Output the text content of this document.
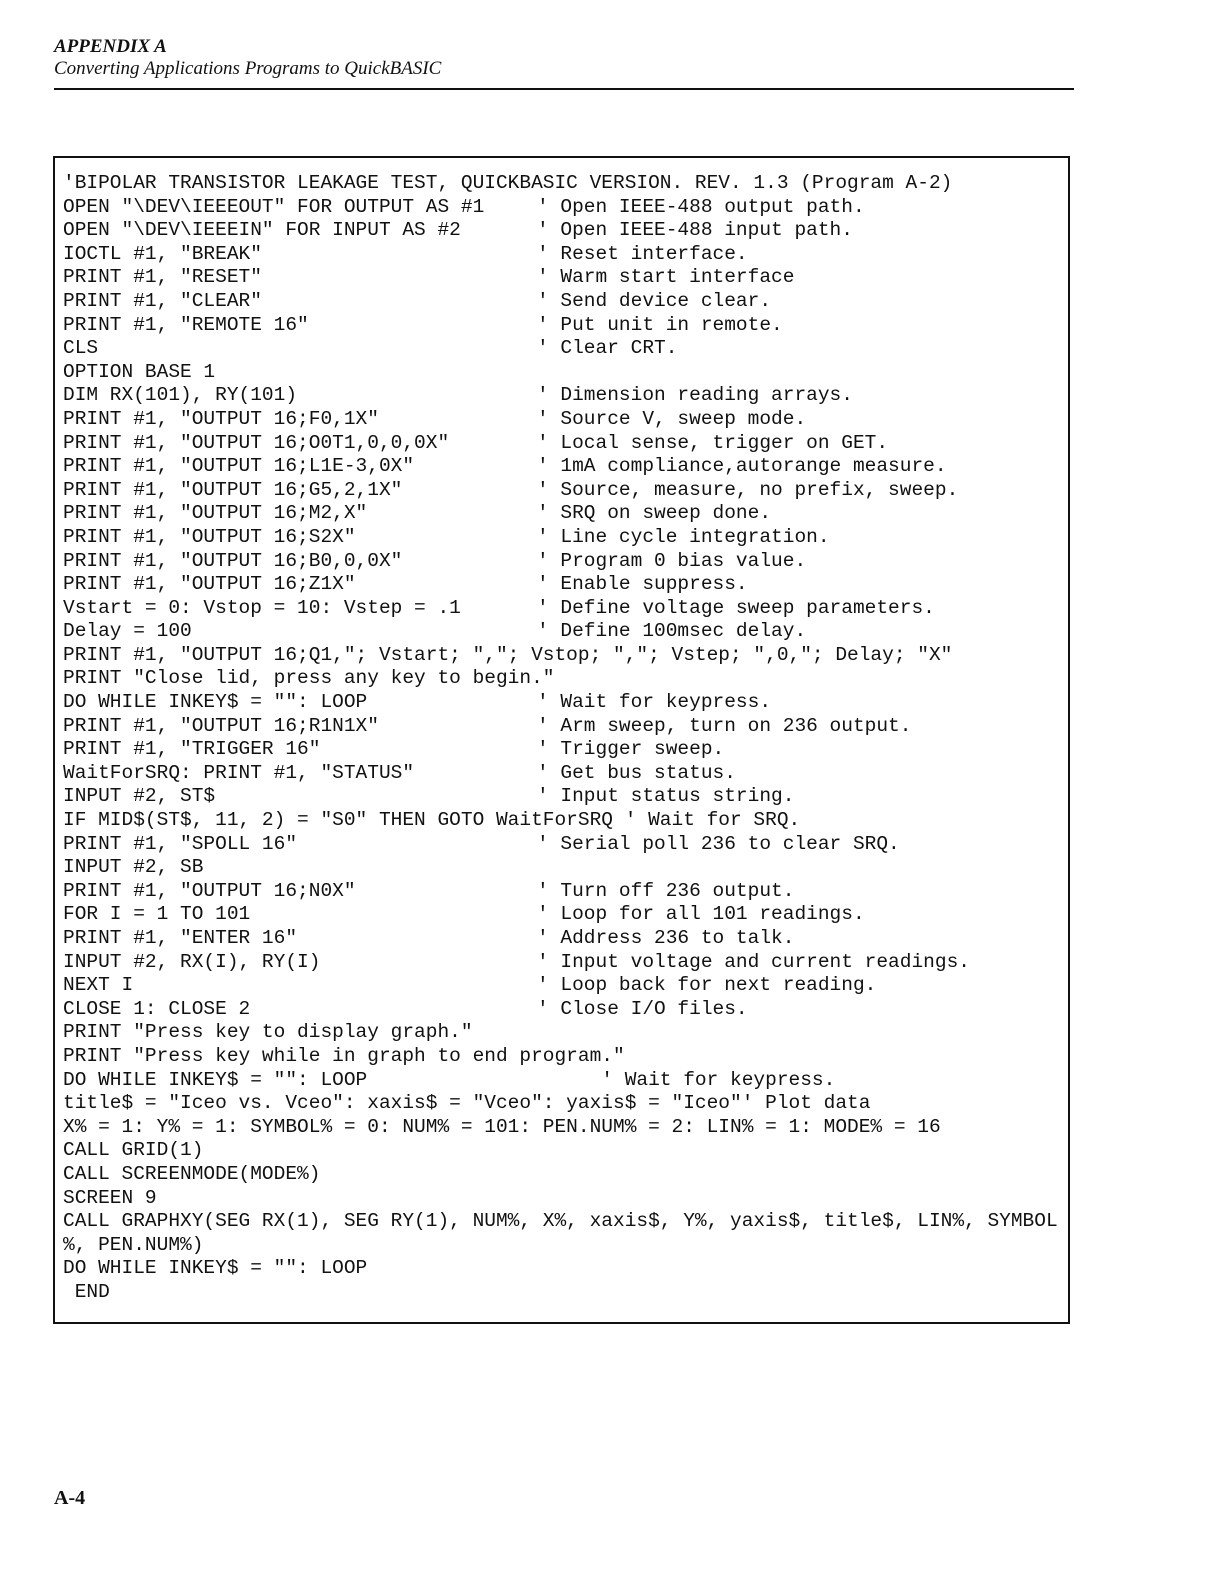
APPENDIX A
Converting Applications Programs to QuickBASIC
'BIPOLAR TRANSISTOR LEAKAGE TEST, QUICKBASIC VERSION. REV. 1.3 (Program A-2)
OPEN "\DEV\IEEEOUT" FOR OUTPUT AS #1	' Open IEEE-488 output path.
OPEN "\DEV\IEEEIN" FOR INPUT AS #2	' Open IEEE-488 input path.
IOCTL #1, "BREAK"	' Reset interface.
PRINT #1, "RESET"	' Warm start interface
PRINT #1, "CLEAR"	' Send device clear.
PRINT #1, "REMOTE 16"	' Put unit in remote.
CLS	' Clear CRT.
OPTION BASE 1
DIM RX(101), RY(101)	' Dimension reading arrays.
PRINT #1, "OUTPUT 16;F0,1X"	' Source V, sweep mode.
PRINT #1, "OUTPUT 16;O0T1,0,0,0X"	' Local sense, trigger on GET.
PRINT #1, "OUTPUT 16;L1E-3,0X"	' 1mA compliance,autorange measure.
PRINT #1, "OUTPUT 16;G5,2,1X"	' Source, measure, no prefix, sweep.
PRINT #1, "OUTPUT 16;M2,X"	' SRQ on sweep done.
PRINT #1, "OUTPUT 16;S2X"	' Line cycle integration.
PRINT #1, "OUTPUT 16;B0,0,0X"	' Program 0 bias value.
PRINT #1, "OUTPUT 16;Z1X"	' Enable suppress.
Vstart = 0: Vstop = 10: Vstep = .1	' Define voltage sweep parameters.
Delay = 100	' Define 100msec delay.
PRINT #1, "OUTPUT 16;Q1,"; Vstart; ","; Vstop; ","; Vstep; ",0,"; Delay; "X"
PRINT "Close lid, press any key to begin."
DO WHILE INKEY$ = "": LOOP	' Wait for keypress.
PRINT #1, "OUTPUT 16;R1N1X"	' Arm sweep, turn on 236 output.
PRINT #1, "TRIGGER 16"	' Trigger sweep.
WaitForSRQ: PRINT #1, "STATUS"	' Get bus status.
INPUT #2, ST$	' Input status string.
IF MID$(ST$, 11, 2) = "S0" THEN GOTO WaitForSRQ ' Wait for SRQ.
PRINT #1, "SPOLL 16"	' Serial poll 236 to clear SRQ.
INPUT #2, SB
PRINT #1, "OUTPUT 16;N0X"	' Turn off 236 output.
FOR I = 1 TO 101	' Loop for all 101 readings.
PRINT #1, "ENTER 16"	' Address 236 to talk.
INPUT #2, RX(I), RY(I)	' Input voltage and current readings.
NEXT I	' Loop back for next reading.
CLOSE 1: CLOSE 2	' Close I/O files.
PRINT "Press key to display graph."
PRINT "Press key while in graph to end program."
DO WHILE INKEY$ = "": LOOP                    ' Wait for keypress.
title$ = "Iceo vs. Vceo": xaxis$ = "Vceo": yaxis$ = "Iceo"' Plot data
X% = 1: Y% = 1: SYMBOL% = 0: NUM% = 101: PEN.NUM% = 2: LIN% = 1: MODE% = 16
CALL GRID(1)
CALL SCREENMODE(MODE%)
SCREEN 9
CALL GRAPHXY(SEG RX(1), SEG RY(1), NUM%, X%, xaxis$, Y%, yaxis$, title$, LIN%, SYMBOL
%, PEN.NUM%)
DO WHILE INKEY$ = "": LOOP
END
A-4
